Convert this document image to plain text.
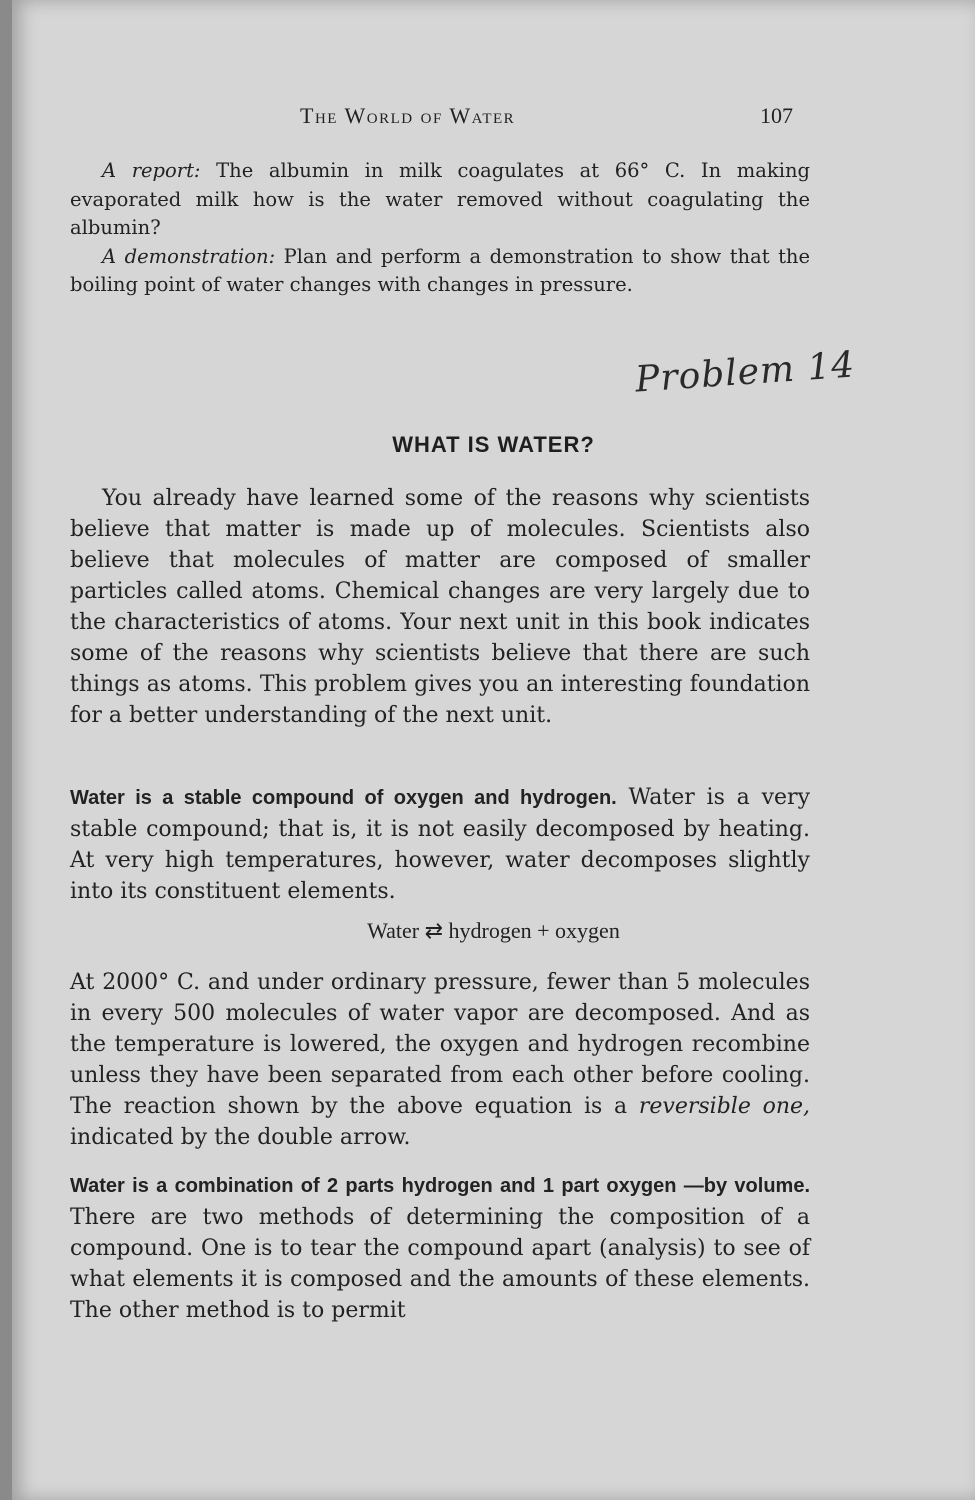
The World of Water	107

A report: The albumin in milk coagulates at 66° C. In making evaporated milk how is the water removed without coagulating the albumin?

A demonstration: Plan and perform a demonstration to show that the boiling point of water changes with changes in pressure.

Problem 14
WHAT IS WATER?

You already have learned some of the reasons why scientists believe that matter is made up of molecules. Scientists also believe that molecules of matter are composed of smaller particles called atoms. Chemical changes are very largely due to the characteristics of atoms. Your next unit in this book indicates some of the reasons why scientists believe that there are such things as atoms. This problem gives you an interesting foundation for a better understanding of the next unit.

Water is a stable compound of oxygen and hydrogen. Water is a very stable compound; that is, it is not easily decomposed by heating. At very high temperatures, however, water decomposes slightly into its constituent elements.

Water ⇄ hydrogen + oxygen

At 2000° C. and under ordinary pressure, fewer than 5 molecules in every 500 molecules of water vapor are decomposed. And as the temperature is lowered, the oxygen and hydrogen recombine unless they have been separated from each other before cooling. The reaction shown by the above equation is a reversible one, indicated by the double arrow.

Water is a combination of 2 parts hydrogen and 1 part oxygen —by volume. There are two methods of determining the composition of a compound. One is to tear the compound apart (analysis) to see of what elements it is composed and the amounts of these elements. The other method is to permit
